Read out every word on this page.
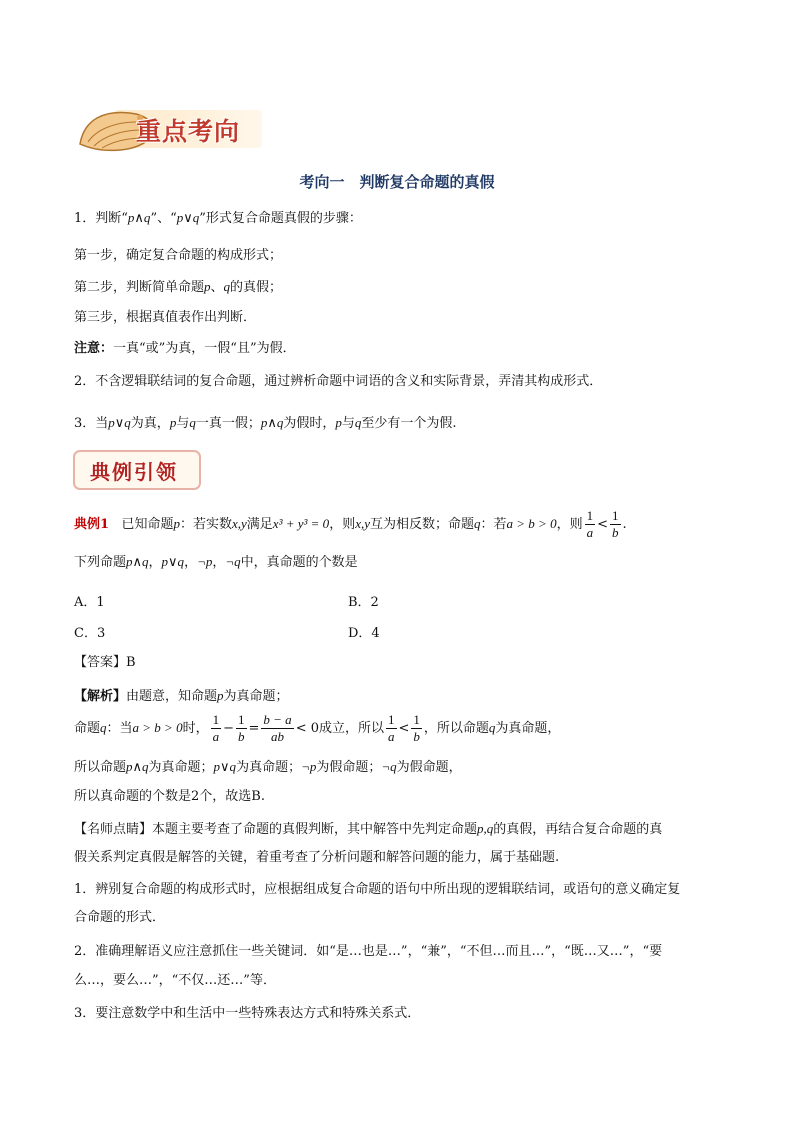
重点考向
考向一　判断复合命题的真假
1．判断“p∧q”、“p∨q”形式复合命题真假的步骤：
第一步，确定复合命题的构成形式；
第二步，判断简单命题p、q的真假；
第三步，根据真值表作出判断．
注意：一真“或”为真，一假“且”为假．
2．不含逻辑联结词的复合命题，通过辨析命题中词语的含义和实际背景，弄清其构成形式．
3．当p∨q为真，p与q一真一假；p∧q为假时，p与q至少有一个为假.
典例引领
典例1 已知命题p：若实数x,y满足x³ + y³ = 0，则x,y互为相反数；命题q：若a > b > 0，则 $\frac{1}{a} < \frac{1}{b}$ .
下列命题p∧q，p∨q，¬p，¬q中，真命题的个数是
A．1	B．2
C．3	D．4
【答案】B
【解析】由题意，知命题p为真命题；
命题q：当a > b > 0时， $\frac{1}{a} - \frac{1}{b} = \frac{b - a}{ab} < 0$成立，所以 $\frac{1}{a} < \frac{1}{b}$ ，所以命题q为真命题，
所以命题p∧q为真命题；p∨q为真命题；¬p为假命题；¬q为假命题，
所以真命题的个数是2个，故选B.
【名师点睛】本题主要考查了命题的真假判断，其中解答中先判定命题p,q的真假，再结合复合命题的真
假关系判定真假是解答的关键，着重考查了分析问题和解答问题的能力，属于基础题.
1．辨别复合命题的构成形式时，应根据组成复合命题的语句中所出现的逻辑联结词，或语句的意义确定复
合命题的形式．
2．准确理解语义应注意抓住一些关键词．如“是…也是…”，“兼”，“不但…而且…”，“既…又…”，“要
么…，要么…”，“不仅…还…”等．
3．要注意数学中和生活中一些特殊表达方式和特殊关系式．
